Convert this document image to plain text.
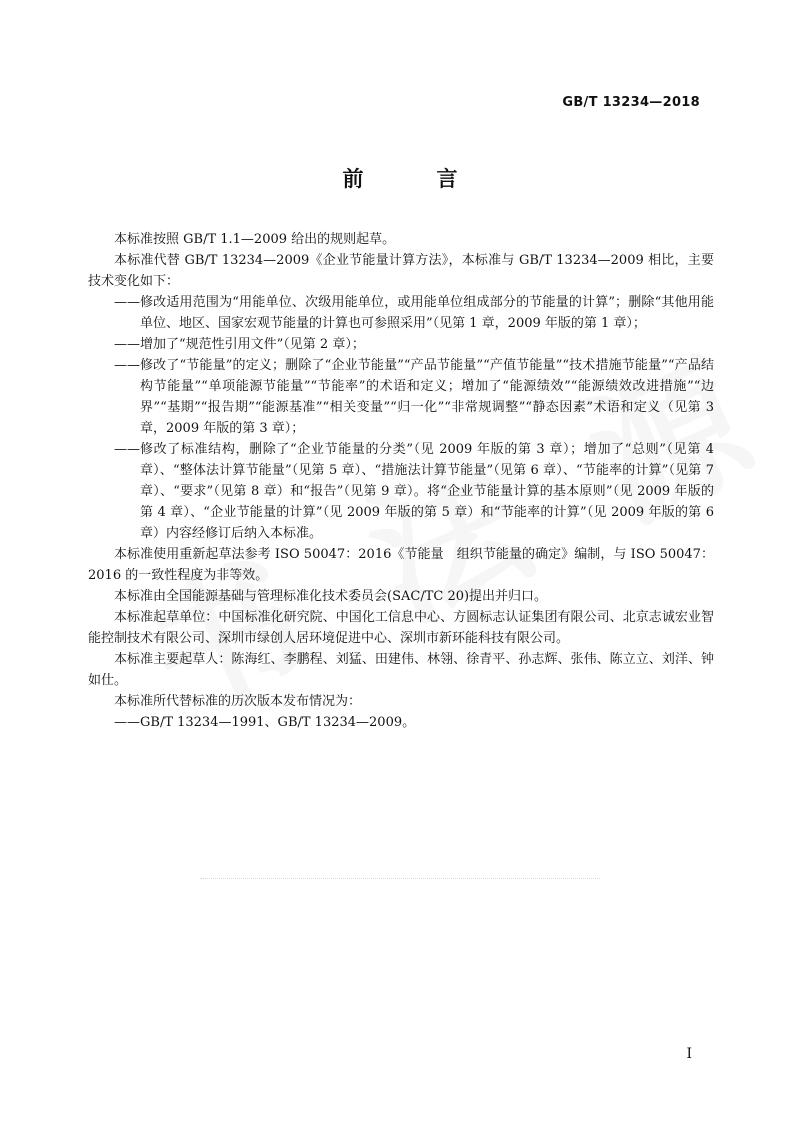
GB/T 13234—2018
前　言

本标准按照 GB/T 1.1—2009 给出的规则起草。

本标准代替 GB/T 13234—2009《企业节能量计算方法》，本标准与 GB/T 13234—2009 相比，主要技术变化如下：

—— 修改适用范围为“用能单位、次级用能单位，或用能单位组成部分的节能量的计算”；删除“其他用能单位、地区、国家宏观节能量的计算也可参照采用”（见第 1 章，2009 年版的第 1 章）；
—— 增加了“规范性引用文件”（见第 2 章）；
—— 修改了“节能量”的定义；删除了“企业节能量”“产品节能量”“产值节能量”“技术措施节能量”“产品结构节能量”“单项能源节能量”“节能率”的术语和定义；增加了“能源绩效”“能源绩效改进措施”“边界”“基期”“报告期”“能源基准”“相关变量”“归一化”“非常规调整”“静态因素”术语和定义（见第 3 章，2009 年版的第 3 章）；
—— 修改了标准结构，删除了“企业节能量的分类”（见 2009 年版的第 3 章）；增加了“总则”（见第 4 章）、“整体法计算节能量”（见第 5 章）、“措施法计算节能量”（见第 6 章）、“节能率的计算”（见第 7 章）、“要求”（见第 8 章）和“报告”（见第 9 章）。将“企业节能量计算的基本原则”（见 2009 年版的第 4 章）、“企业节能量的计算”（见 2009 年版的第 5 章）和“节能率的计算”（见 2009 年版的第 6 章）内容经修订后纳入本标准。

本标准使用重新起草法参考 ISO 50047：2016《节能量　组织节能量的确定》编制，与 ISO 50047：2016 的一致性程度为非等效。

本标准由全国能源基础与管理标准化技术委员会(SAC/TC 20)提出并归口。

本标准起草单位：中国标准化研究院、中国化工信息中心、方圆标志认证集团有限公司、北京志诚宏业智能控制技术有限公司、深圳市绿创人居环境促进中心、深圳市新环能科技有限公司。

本标准主要起草人：陈海红、李鹏程、刘猛、田建伟、林翎、徐青平、孙志辉、张伟、陈立立、刘洋、钟如仕。

本标准所代替标准的历次版本发布情况为：

—— GB/T 13234—1991、GB/T 13234—2009。
I
